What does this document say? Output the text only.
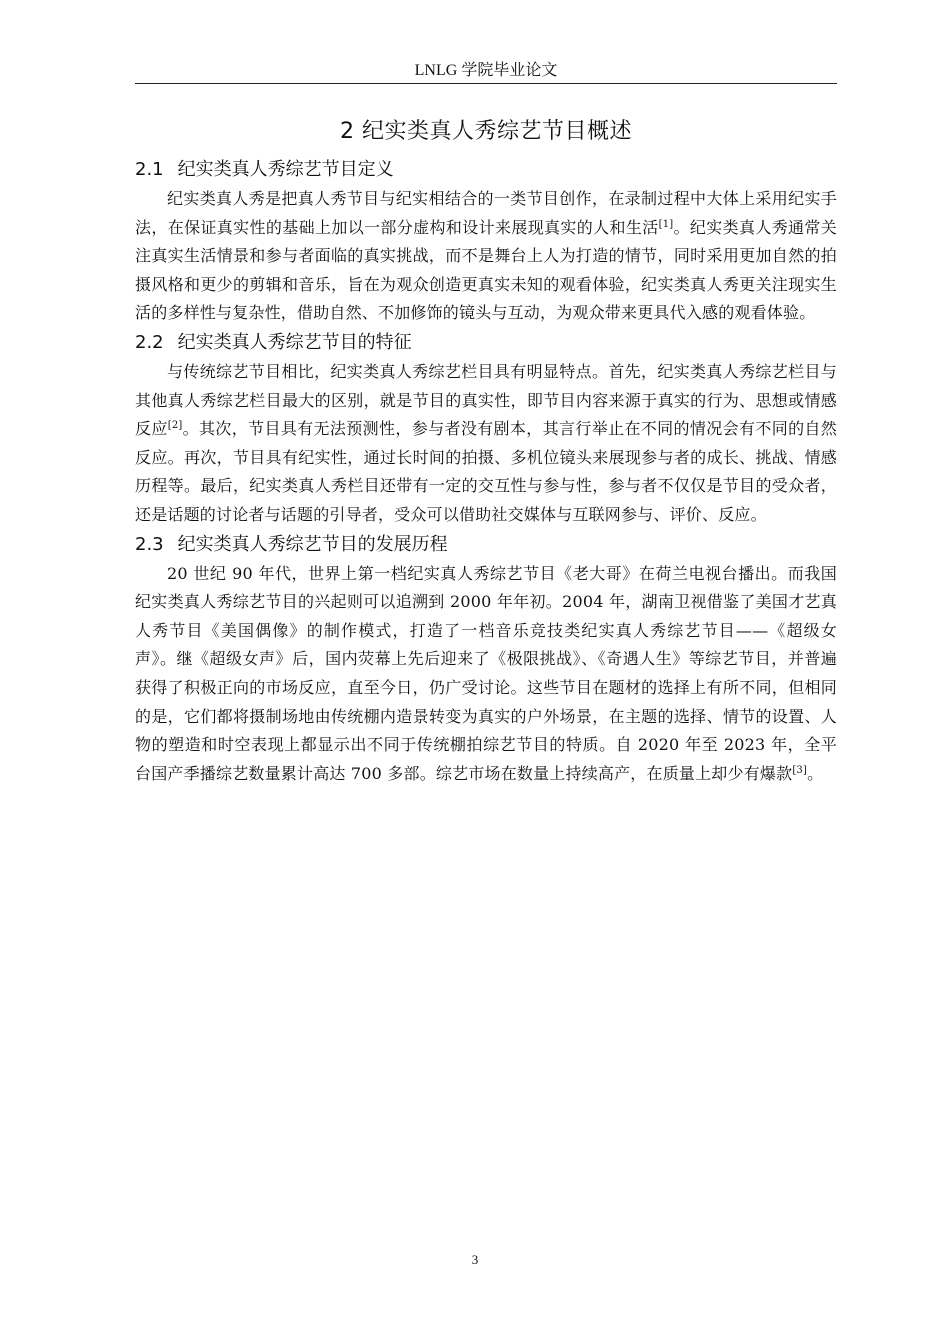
LNLG 学院毕业论文
2 纪实类真人秀综艺节目概述
2.1 纪实类真人秀综艺节目定义

纪实类真人秀是把真人秀节目与纪实相结合的一类节目创作，在录制过程中大体上采用纪实手法，在保证真实性的基础上加以一部分虚构和设计来展现真实的人和生活[1]。纪实类真人秀通常关注真实生活情景和参与者面临的真实挑战，而不是舞台上人为打造的情节，同时采用更加自然的拍摄风格和更少的剪辑和音乐，旨在为观众创造更真实未知的观看体验，纪实类真人秀更关注现实生活的多样性与复杂性，借助自然、不加修饰的镜头与互动，为观众带来更具代入感的观看体验。

2.2 纪实类真人秀综艺节目的特征

与传统综艺节目相比，纪实类真人秀综艺栏目具有明显特点。首先，纪实类真人秀综艺栏目与其他真人秀综艺栏目最大的区别，就是节目的真实性，即节目内容来源于真实的行为、思想或情感反应[2]。其次，节目具有无法预测性，参与者没有剧本，其言行举止在不同的情况会有不同的自然反应。再次，节目具有纪实性，通过长时间的拍摄、多机位镜头来展现参与者的成长、挑战、情感历程等。最后，纪实类真人秀栏目还带有一定的交互性与参与性，参与者不仅仅是节目的受众者，还是话题的讨论者与话题的引导者，受众可以借助社交媒体与互联网参与、评价、反应。

2.3 纪实类真人秀综艺节目的发展历程

20 世纪 90 年代，世界上第一档纪实真人秀综艺节目《老大哥》在荷兰电视台播出。而我国纪实类真人秀综艺节目的兴起则可以追溯到 2000 年年初。2004 年，湖南卫视借鉴了美国才艺真人秀节目《美国偶像》的制作模式，打造了一档音乐竞技类纪实真人秀综艺节目——《超级女声》。继《超级女声》后，国内荧幕上先后迎来了《极限挑战》、《奇遇人生》等综艺节目，并普遍获得了积极正向的市场反应，直至今日，仍广受讨论。这些节目在题材的选择上有所不同，但相同的是，它们都将摄制场地由传统棚内造景转变为真实的户外场景，在主题的选择、情节的设置、人物的塑造和时空表现上都显示出不同于传统棚拍综艺节目的特质。自 2020 年至 2023 年，全平台国产季播综艺数量累计高达 700 多部。综艺市场在数量上持续高产，在质量上却少有爆款[3]。

3
